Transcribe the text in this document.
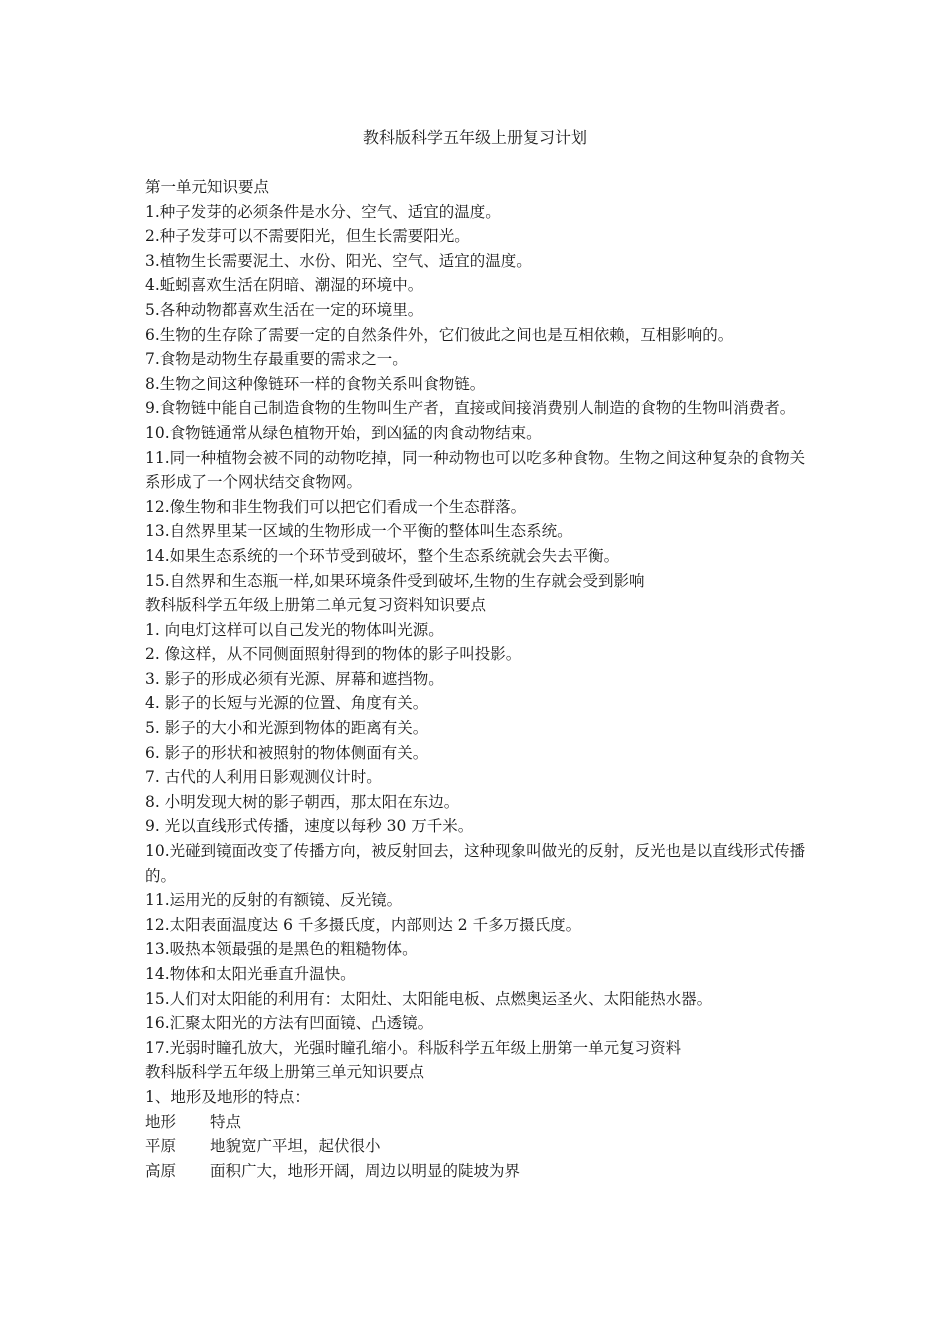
教科版科学五年级上册复习计划

第一单元知识要点

1.种子发芽的必须条件是水分、空气、适宜的温度。

2.种子发芽可以不需要阳光，但生长需要阳光。

3.植物生长需要泥土、水份、阳光、空气、适宜的温度。

4.蚯蚓喜欢生活在阴暗、潮湿的环境中。

5.各种动物都喜欢生活在一定的环境里。

6.生物的生存除了需要一定的自然条件外，它们彼此之间也是互相依赖，互相影响的。

7.食物是动物生存最重要的需求之一。

8.生物之间这种像链环一样的食物关系叫食物链。

9.食物链中能自己制造食物的生物叫生产者，直接或间接消费别人制造的食物的生物叫消费者。

10.食物链通常从绿色植物开始，到凶猛的肉食动物结束。

11.同一种植物会被不同的动物吃掉，同一种动物也可以吃多种食物。生物之间这种复杂的食物关系形成了一个网状结交食物网。

12.像生物和非生物我们可以把它们看成一个生态群落。

13.自然界里某一区域的生物形成一个平衡的整体叫生态系统。

14.如果生态系统的一个环节受到破坏，整个生态系统就会失去平衡。

15.自然界和生态瓶一样,如果环境条件受到破坏,生物的生存就会受到影响

教科版科学五年级上册第二单元复习资料知识要点

1. 向电灯这样可以自己发光的物体叫光源。

2. 像这样，从不同侧面照射得到的物体的影子叫投影。

3. 影子的形成必须有光源、屏幕和遮挡物。

4. 影子的长短与光源的位置、角度有关。

5. 影子的大小和光源到物体的距离有关。

6. 影子的形状和被照射的物体侧面有关。

7. 古代的人利用日影观测仪计时。

8. 小明发现大树的影子朝西，那太阳在东边。

9. 光以直线形式传播，速度以每秒 30 万千米。

10.光碰到镜面改变了传播方向，被反射回去，这种现象叫做光的反射，反光也是以直线形式传播的。

11.运用光的反射的有额镜、反光镜。

12.太阳表面温度达 6 千多摄氏度，内部则达 2 千多万摄氏度。

13.吸热本领最强的是黑色的粗糙物体。

14.物体和太阳光垂直升温快。

15.人们对太阳能的利用有：太阳灶、太阳能电板、点燃奥运圣火、太阳能热水器。

16.汇聚太阳光的方法有凹面镜、凸透镜。

17.光弱时瞳孔放大，光强时瞳孔缩小。科版科学五年级上册第一单元复习资料

教科版科学五年级上册第三单元知识要点

1、地形及地形的特点：

地形	特点
平原	地貌宽广平坦，起伏很小
高原	面积广大，地形开阔，周边以明显的陡坡为界
